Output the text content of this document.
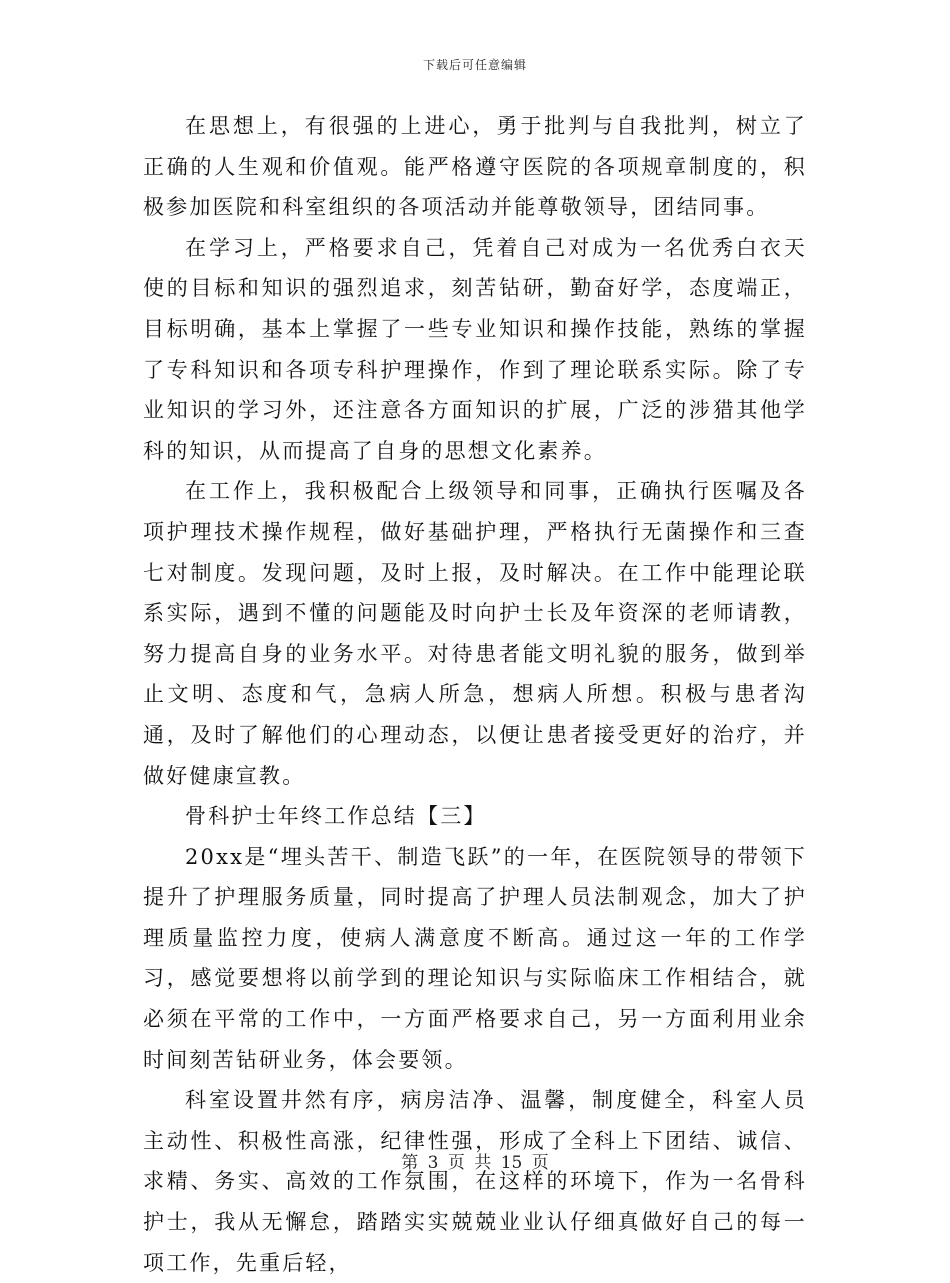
下载后可任意编辑

在思想上，有很强的上进心，勇于批判与自我批判，树立了正确的人生观和价值观。能严格遵守医院的各项规章制度的，积极参加医院和科室组织的各项活动并能尊敬领导，团结同事。

在学习上，严格要求自己，凭着自己对成为一名优秀白衣天使的目标和知识的强烈追求，刻苦钻研，勤奋好学，态度端正，目标明确，基本上掌握了一些专业知识和操作技能，熟练的掌握了专科知识和各项专科护理操作，作到了理论联系实际。除了专业知识的学习外，还注意各方面知识的扩展，广泛的涉猎其他学科的知识，从而提高了自身的思想文化素养。

在工作上，我积极配合上级领导和同事，正确执行医嘱及各项护理技术操作规程，做好基础护理，严格执行无菌操作和三查七对制度。发现问题，及时上报，及时解决。在工作中能理论联系实际，遇到不懂的问题能及时向护士长及年资深的老师请教，努力提高自身的业务水平。对待患者能文明礼貌的服务，做到举止文明、态度和气，急病人所急，想病人所想。积极与患者沟通，及时了解他们的心理动态，以便让患者接受更好的治疗，并做好健康宣教。

骨科护士年终工作总结【三】

20xx是“埋头苦干、制造飞跃”的一年，在医院领导的带领下提升了护理服务质量，同时提高了护理人员法制观念，加大了护理质量监控力度，使病人满意度不断高。通过这一年的工作学习，感觉要想将以前学到的理论知识与实际临床工作相结合，就必须在平常的工作中，一方面严格要求自己，另一方面利用业余时间刻苦钻研业务，体会要领。

科室设置井然有序，病房洁净、温馨，制度健全，科室人员主动性、积极性高涨，纪律性强，形成了全科上下团结、诚信、求精、务实、高效的工作氛围，在这样的环境下，作为一名骨科护士，我从无懈怠，踏踏实实兢兢业业认仔细真做好自己的每一项工作，先重后轻，

第 3 页 共 15 页
